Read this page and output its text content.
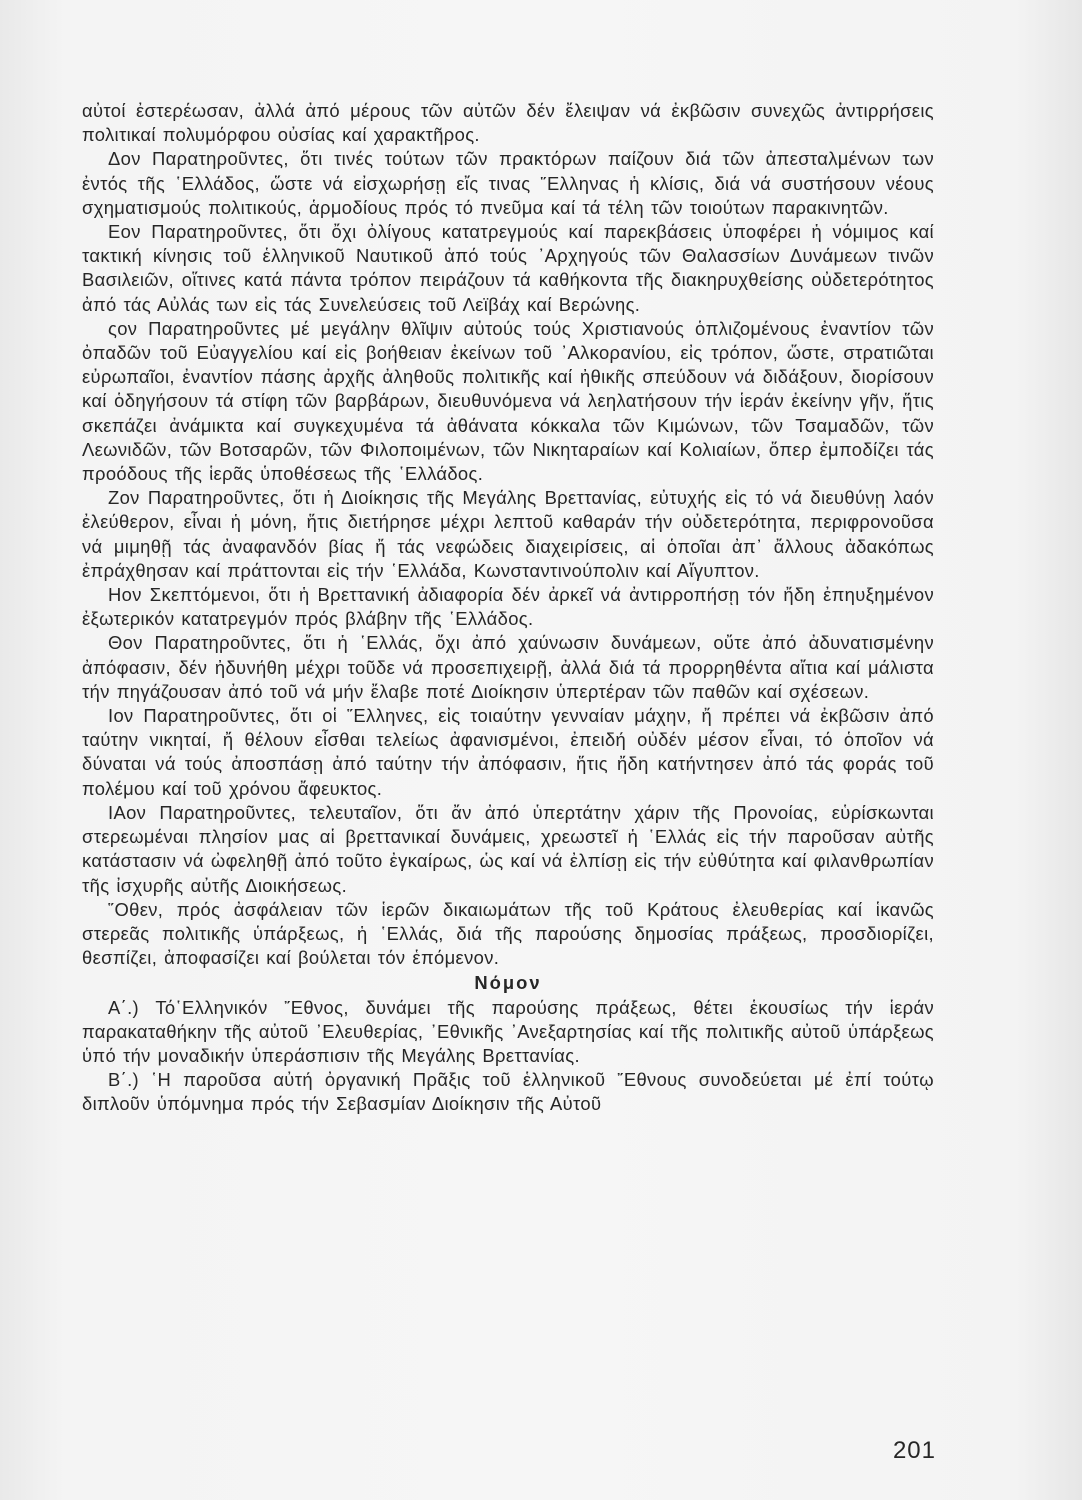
αὐτοί ἐστερέωσαν, ἀλλά ἀπό μέρους τῶν αὐτῶν δέν ἔλειψαν νά ἐκβῶσιν συνεχῶς ἀντιρρήσεις πολιτικαί πολυμόρφου οὐσίας καί χαρακτῆρος.

Δον Παρατηροῦντες, ὅτι τινές τούτων τῶν πρακτόρων παίζουν διά τῶν ἀπεσταλμένων των ἐντός τῆς ῾Ελλάδος, ὥστε νά εἰσχωρήσῃ εἴς τινας ῞Ελληνας ἡ κλίσις, διά νά συστήσουν νέους σχηματισμούς πολιτικούς, ἁρμοδίους πρός τό πνεῦμα καί τά τέλη τῶν τοιούτων παρακινητῶν.

Εον Παρατηροῦντες, ὅτι ὄχι ὀλίγους κατατρεγμούς καί παρεκβάσεις ὑποφέρει ἡ νόμιμος καί τακτική κίνησις τοῦ ἑλληνικοῦ Ναυτικοῦ ἀπό τούς ᾿Αρχηγούς τῶν Θαλασσίων Δυνάμεων τινῶν Βασιλειῶν, οἵτινες κατά πάντα τρόπον πειράζουν τά καθήκοντα τῆς διακηρυχθείσης οὐδετερότητος ἀπό τάς Αὐλάς των εἰς τάς Συνελεύσεις τοῦ Λεϊβάχ καί Βερώνης.

ςον Παρατηροῦντες μέ μεγάλην θλῖψιν αὐτούς τούς Χριστιανούς ὁπλιζομένους ἐναντίον τῶν ὀπαδῶν τοῦ Εὐαγγελίου καί εἰς βοήθειαν ἐκείνων τοῦ ᾿Αλκορανίου, εἰς τρόπον, ὥστε, στρατιῶται εὐρωπαῖοι, ἐναντίον πάσης ἀρχῆς ἀληθοῦς πολιτικῆς καί ἠθικῆς σπεύδουν νά διδάξουν, διορίσουν καί ὁδηγήσουν τά στίφη τῶν βαρβάρων, διευθυνόμενα νά λεηλατήσουν τήν ἱεράν ἐκείνην γῆν, ἥτις σκεπάζει ἀνάμικτα καί συγκεχυμένα τά ἀθάνατα κόκκαλα τῶν Κιμώνων, τῶν Τσαμαδῶν, τῶν Λεωνιδῶν, τῶν Βοτσαρῶν, τῶν Φιλοποιμένων, τῶν Νικηταραίων καί Κολιαίων, ὅπερ ἐμποδίζει τάς προόδους τῆς ἱερᾶς ὑποθέσεως τῆς ῾Ελλάδος.

Ζον Παρατηροῦντες, ὅτι ἡ Διοίκησις τῆς Μεγάλης Βρεττανίας, εὐτυχής εἰς τό νά διευθύνῃ λαόν ἐλεύθερον, εἶναι ἡ μόνη, ἥτις διετήρησε μέχρι λεπτοῦ καθαράν τήν οὐδετερότητα, περιφρονοῦσα νά μιμηθῇ τάς ἀναφανδόν βίας ἤ τάς νεφώδεις διαχειρίσεις, αἱ ὁποῖαι ἀπ᾿ ἄλλους ἀδακόπως ἐπράχθησαν καί πράττονται εἰς τήν ῾Ελλάδα, Κωνσταντινούπολιν καί Αἴγυπτον.

Ηον Σκεπτόμενοι, ὅτι ἡ Βρεττανική ἀδιαφορία δέν ἀρκεῖ νά ἀντιρροπήσῃ τόν ἤδη ἐπηυξημένον ἐξωτερικόν κατατρεγμόν πρός βλάβην τῆς ῾Ελλάδος.

Θον Παρατηροῦντες, ὅτι ἡ ῾Ελλάς, ὄχι ἀπό χαύνωσιν δυνάμεων, οὔτε ἀπό ἀδυνατισμένην ἀπόφασιν, δέν ἠδυνήθη μέχρι τοῦδε νά προσεπιχειρῇ, ἀλλά διά τά προρρηθέντα αἴτια καί μάλιστα τήν πηγάζουσαν ἀπό τοῦ νά μήν ἔλαβε ποτέ Διοίκησιν ὑπερτέραν τῶν παθῶν καί σχέσεων.

Ιον Παρατηροῦντες, ὅτι οἱ ῞Ελληνες, εἰς τοιαύτην γενναίαν μάχην, ἤ πρέπει νά ἐκβῶσιν ἀπό ταύτην νικηταί, ἤ θέλουν εἶσθαι τελείως ἀφανισμένοι, ἐπειδή οὐδέν μέσον εἶναι, τό ὁποῖον νά δύναται νά τούς ἀποσπάσῃ ἀπό ταύτην τήν ἀπόφασιν, ἥτις ἤδη κατήντησεν ἀπό τάς φοράς τοῦ πολέμου καί τοῦ χρόνου ἄφευκτος.

ΙΑον Παρατηροῦντες, τελευταῖον, ὅτι ἄν ἀπό ὑπερτάτην χάριν τῆς Προνοίας, εὑρίσκωνται στερεωμέναι πλησίον μας αἱ βρεττανικαί δυνάμεις, χρεωστεῖ ἡ ῾Ελλάς εἰς τήν παροῦσαν αὐτῆς κατάστασιν νά ὠφεληθῇ ἀπό τοῦτο ἐγκαίρως, ὡς καί νά ἐλπίσῃ εἰς τήν εὐθύτητα καί φιλανθρωπίαν τῆς ἰσχυρῆς αὐτῆς Διοικήσεως.

῞Οθεν, πρός ἀσφάλειαν τῶν ἱερῶν δικαιωμάτων τῆς τοῦ Κράτους ἐλευθερίας καί ἱκανῶς στερεᾶς πολιτικῆς ὑπάρξεως, ἡ ῾Ελλάς, διά τῆς παρούσης δημοσίας πράξεως, προσδιορίζει, θεσπίζει, ἀποφασίζει καί βούλεται τόν ἑπόμενον.

Νόμον

Α΄.) Τό῾Ελληνικόν ῎Εθνος, δυνάμει τῆς παρούσης πράξεως, θέτει ἑκουσίως τήν ἱεράν παρακαταθήκην τῆς αὐτοῦ ᾿Ελευθερίας, ᾿Εθνικῆς ᾿Ανεξαρτησίας καί τῆς πολιτικῆς αὐτοῦ ὑπάρξεως ὑπό τήν μοναδικήν ὑπεράσπισιν τῆς Μεγάλης Βρεττανίας.

Β΄.) ῾Η παροῦσα αὐτή ὀργανική Πρᾶξις τοῦ ἑλληνικοῦ ῎Εθνους συνοδεύεται μέ ἐπί τούτῳ διπλοῦν ὑπόμνημα πρός τήν Σεβασμίαν Διοίκησιν τῆς Αὐτοῦ

201
